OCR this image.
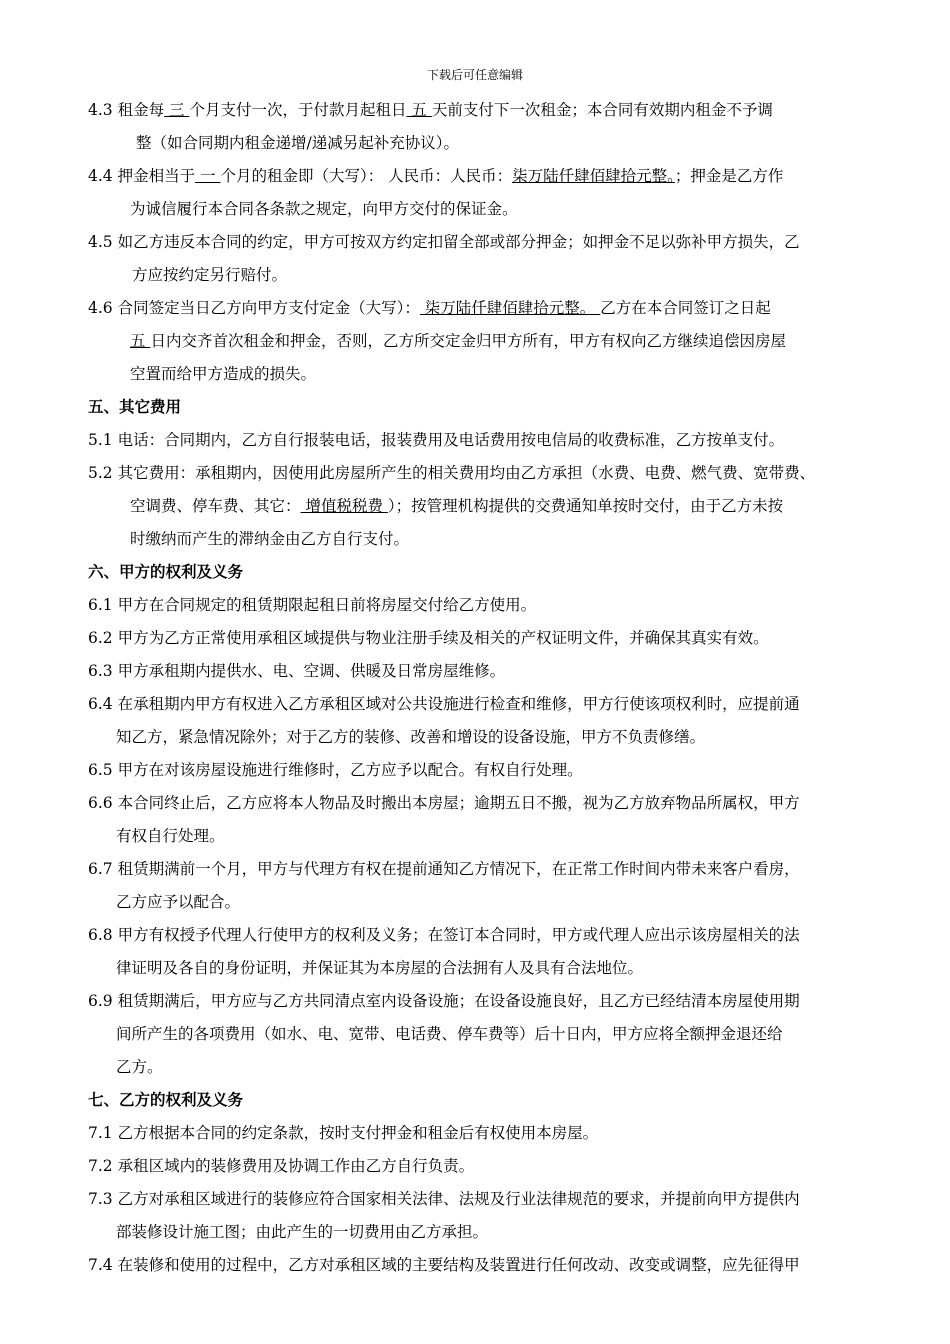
下载后可任意编辑
4.3 租金每 三 个月支付一次，于付款月起租日 五 天前支付下一次租金；本合同有效期内租金不予调
整（如合同期内租金递增/递减另起补充协议）。
4.4 押金相当于 一 个月的租金即（大写）： 人民币：人民币：柒万陆仟肆佰肆拾元整。；押金是乙方作
为诚信履行本合同各条款之规定，向甲方交付的保证金。
4.5 如乙方违反本合同的约定，甲方可按双方约定扣留全部或部分押金；如押金不足以弥补甲方损失，乙
方应按约定另行赔付。
4.6 合同签定当日乙方向甲方支付定金（大写）： 柒万陆仟肆佰肆拾元整。 乙方在本合同签订之日起
五 日内交齐首次租金和押金，否则，乙方所交定金归甲方所有，甲方有权向乙方继续追偿因房屋
空置而给甲方造成的损失。
五、其它费用
5.1 电话：合同期内，乙方自行报装电话，报装费用及电话费用按电信局的收费标准，乙方按单支付。
5.2 其它费用：承租期内，因使用此房屋所产生的相关费用均由乙方承担（水费、电费、燃气费、宽带费、
空调费、停车费、其它： 增值税税费 ）；按管理机构提供的交费通知单按时交付，由于乙方未按
时缴纳而产生的滞纳金由乙方自行支付。
六、甲方的权利及义务
6.1 甲方在合同规定的租赁期限起租日前将房屋交付给乙方使用。
6.2 甲方为乙方正常使用承租区域提供与物业注册手续及相关的产权证明文件，并确保其真实有效。
6.3 甲方承租期内提供水、电、空调、供暖及日常房屋维修。
6.4 在承租期内甲方有权进入乙方承租区域对公共设施进行检查和维修，甲方行使该项权利时，应提前通
知乙方，紧急情况除外；对于乙方的装修、改善和增设的设备设施，甲方不负责修缮。
6.5 甲方在对该房屋设施进行维修时，乙方应予以配合。有权自行处理。
6.6 本合同终止后，乙方应将本人物品及时搬出本房屋；逾期五日不搬，视为乙方放弃物品所属权，甲方
有权自行处理。
6.7 租赁期满前一个月，甲方与代理方有权在提前通知乙方情况下，在正常工作时间内带未来客户看房，
乙方应予以配合。
6.8 甲方有权授予代理人行使甲方的权利及义务；在签订本合同时，甲方或代理人应出示该房屋相关的法
律证明及各自的身份证明，并保证其为本房屋的合法拥有人及具有合法地位。
6.9 租赁期满后，甲方应与乙方共同清点室内设备设施；在设备设施良好，且乙方已经结清本房屋使用期
间所产生的各项费用（如水、电、宽带、电话费、停车费等）后十日内，甲方应将全额押金退还给
乙方。
七、乙方的权利及义务
7.1 乙方根据本合同的约定条款，按时支付押金和租金后有权使用本房屋。
7.2 承租区域内的装修费用及协调工作由乙方自行负责。
7.3 乙方对承租区域进行的装修应符合国家相关法律、法规及行业法律规范的要求，并提前向甲方提供内
部装修设计施工图；由此产生的一切费用由乙方承担。
7.4 在装修和使用的过程中，乙方对承租区域的主要结构及装置进行任何改动、改变或调整，应先征得甲
